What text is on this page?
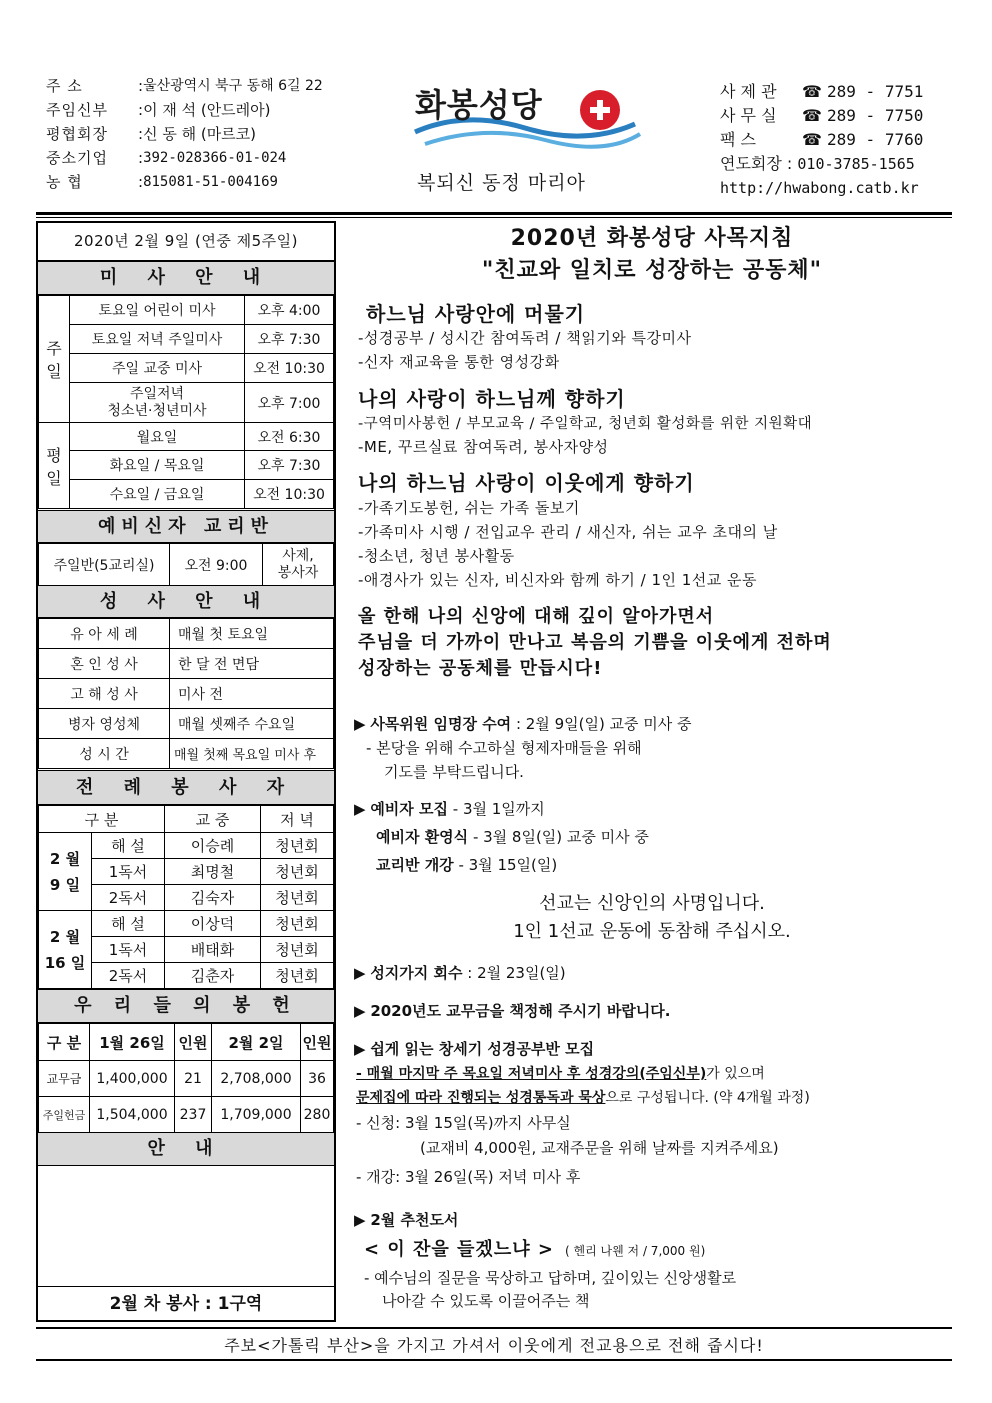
주 소	: 울산광역시 북구 동해 6길 22
주임신부	: 이 재 석 (안드레아)
평협회장	: 신 동 해 (마르코)
중소기업	: 392-028366-01-024
농 협	: 815081-51-004169
화봉성당
복되신 동정 마리아
사 제 관 ☎ 289 - 7751
사 무 실 ☎ 289 - 7750
팩 스	☎ 289 - 7760
연도회장 : 010-3785-1565
http://hwabong.catb.kr
2020년 2월 9일 (연중 제5주일)
미 사 안 내
주일	토요일 어린이 미사	오후 4:00
	토요일 저녁 주일미사	오후 7:30
	주일 교중 미사	오전 10:30
	주일저녁
청소년·청년미사	오후 7:00
평일	월요일	오전 6:30
	화요일 / 목요일	오후 7:30
	수요일 / 금요일	오전 10:30
예비신자 교리반
주일반(5교리실)	오전 9:00	사제,
봉사자
성 사 안 내
유 아 세 례	매월 첫 토요일
혼 인 성 사	한 달 전 면담
고 해 성 사	미사 전
병자 영성체	매월 셋째주 수요일
성 시 간	매월 첫째 목요일 미사 후
전 례 봉 사 자
구 분		교 중	저 녁
2 월
9 일	해 설	이승례	청년회
	1독서	최명철	청년회
	2독서	김숙자	청년회
2 월
16 일	해 설	이상덕	청년회
	1독서	배태화	청년회
	2독서	김춘자	청년회
우 리 들 의 봉 헌
구 분	1월 26일	인원	2월 2일	인원
교무금	1,400,000	21	2,708,000	36
주일헌금	1,504,000	237	1,709,000	280
안 내
2월 차 봉사 : 1구역
2020년 화봉성당 사목지침
"친교와 일치로 성장하는 공동체"
하느님 사랑안에 머물기
-성경공부 / 성시간 참여독려 / 책읽기와 특강미사
-신자 재교육을 통한 영성강화
나의 사랑이 하느님께 향하기
-구역미사봉헌 / 부모교육 / 주일학교, 청년회 활성화를 위한 지원확대
-ME, 꾸르실료 참여독려, 봉사자양성
나의 하느님 사랑이 이웃에게 향하기
-가족기도봉헌, 쉬는 가족 돌보기
-가족미사 시행 / 전입교우 관리 / 새신자, 쉬는 교우 초대의 날
-청소년, 청년 봉사활동
-애경사가 있는 신자, 비신자와 함께 하기 / 1인 1선교 운동
올 한해 나의 신앙에 대해 깊이 알아가면서
주님을 더 가까이 만나고 복음의 기쁨을 이웃에게 전하며
성장하는 공동체를 만듭시다!
▶ 사목위원 임명장 수여 : 2월 9일(일) 교중 미사 중
- 본당을 위해 수고하실 형제자매들을 위해
기도를 부탁드립니다.
▶ 예비자 모집 - 3월 1일까지
예비자 환영식 - 3월 8일(일) 교중 미사 중
교리반 개강 - 3월 15일(일)
선교는 신앙인의 사명입니다.
1인 1선교 운동에 동참해 주십시오.
▶ 성지가지 회수 : 2월 23일(일)
▶ 2020년도 교무금을 책정해 주시기 바랍니다.
▶ 쉽게 읽는 창세기 성경공부반 모집
- 매월 마지막 주 목요일 저녁미사 후 성경강의(주임신부)가 있으며
문제집에 따라 진행되는 성경통독과 묵상으로 구성됩니다. (약 4개월 과정)
- 신청: 3월 15일(목)까지 사무실
(교재비 4,000원, 교재주문을 위해 날짜를 지켜주세요)
- 개강: 3월 26일(목) 저녁 미사 후
▶ 2월 추천도서
< 이 잔을 들겠느냐 > ( 헨리 나웬 저 / 7,000 원)
- 예수님의 질문을 묵상하고 답하며, 깊이있는 신앙생활로
나아갈 수 있도록 이끌어주는 책
주보<가톨릭 부산>을 가지고 가셔서 이웃에게 전교용으로 전해 줍시다!
